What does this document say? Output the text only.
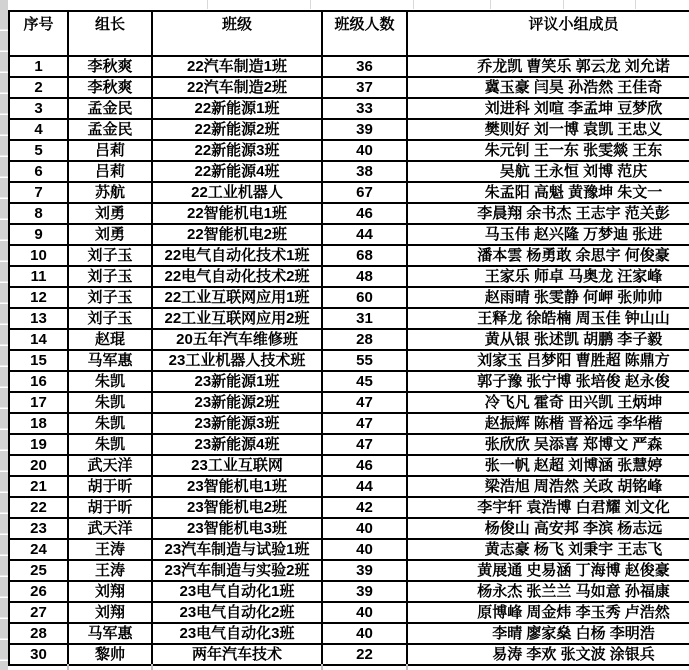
序号	组长	班级	班级人数	评议小组成员
1	李秋爽	22汽车制造1班	36	乔龙凯 曹笑乐 郭云龙 刘允诺
2	李秋爽	22汽车制造2班	37	冀玉豪 闫昊 孙浩然 王佳奇
3	孟金民	22新能源1班	33	刘进科 刘喧 李孟坤 豆梦欣
4	孟金民	22新能源2班	39	樊则好 刘一博 袁凯 王忠义
5	吕莉	22新能源3班	40	朱元钊 王一东 张雯燚 王东
6	吕莉	22新能源4班	38	吴航 王永恒 刘博 范庆
7	苏航	22工业机器人	67	朱孟阳 高魁 黄豫坤 朱文一
8	刘勇	22智能机电1班	46	李晨翔 余书杰 王志宇 范关彭
9	刘勇	22智能机电2班	44	马玉伟 赵兴隆 万梦迪 张进
10	刘子玉	22电气自动化技术1班	68	潘本雲 杨勇敢 余思宇 何俊豪
11	刘子玉	22电气自动化技术2班	48	王家乐 师卓 马奥龙 汪家峰
12	刘子玉	22工业互联网应用1班	60	赵雨晴 张雯静 何岬 张帅帅
13	刘子玉	22工业互联网应用2班	31	王释龙 徐皓楠 周玉佳 钟山山
14	赵琨	20五年汽车维修班	28	黄从银 张述凯 胡鹏 李子毅
15	马军惠	23工业机器人技术班	55	刘家玉 吕梦阳 曹胜超 陈鼎方
16	朱凯	23新能源1班	45	郭子豫 张宁博 张培俊 赵永俊
17	朱凯	23新能源2班	47	冷飞凡 霍奇 田兴凯 王炳坤
18	朱凯	23新能源3班	47	赵振辉 陈楷 晋裕远 李华楷
19	朱凯	23新能源4班	47	张欣欣 吴添喜 郑博文 严森
20	武天洋	23工业互联网	46	张一帆 赵超 刘博涵 张慧婷
21	胡于昕	23智能机电1班	44	梁浩旭 周浩然 关政 胡铭峰
22	胡于昕	23智能机电2班	42	李宇轩 袁浩博 白君耀 刘文化
23	武天洋	23智能机电3班	40	杨俊山 高安邦 李滨 杨志远
24	王涛	23汽车制造与试验1班	40	黄志豪 杨飞 刘秉宇 王志飞
25	王涛	23汽车制造与实验2班	39	黄展通 史易涵 丁海博 赵俊豪
26	刘翔	23电气自动化1班	39	杨永杰 张兰兰 马如意 孙福康
27	刘翔	23电气自动化2班	40	原博峰 周金炜 李玉秀 卢浩然
28	马军惠	23电气自动化3班	40	李晴 廖家燊 白杨 李明浩
30	黎帅	两年汽车技术	22	易涛 李欢 张文波 涂银兵
